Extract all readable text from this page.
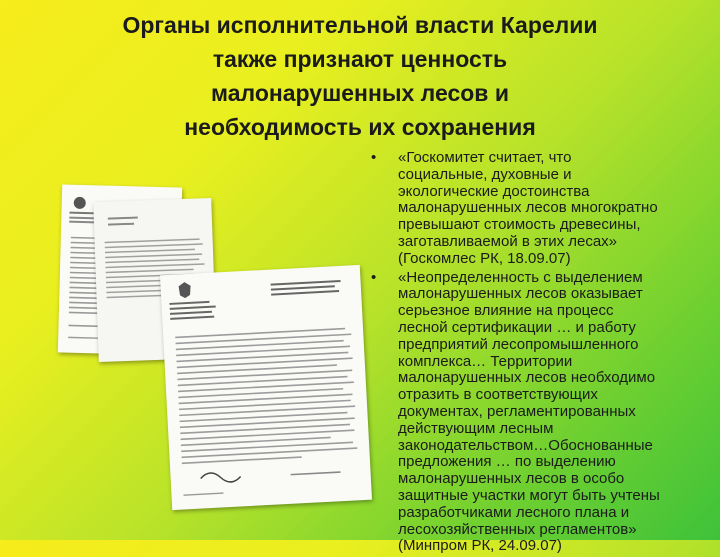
Органы исполнительной власти Карелии
также признают ценность
малонарушенных лесов и
необходимость их сохранения
• «Госкомитет считает, что
социальные, духовные и
экологические достоинства
малонарушенных лесов многократно
превышают стоимость древесины,
заготавливаемой в этих лесах»
(Госкомлес РК, 18.09.07)
• «Неопределенность с выделением
малонарушенных лесов оказывает
серьезное влияние на процесс
лесной сертификации … и работу
предприятий лесопромышленного
комплекса… Территории
малонарушенных лесов необходимо
отразить в соответствующих
документах, регламентированных
действующим лесным
законодательством…Обоснованные
предложения … по выделению
малонарушенных лесов в особо
защитные участки могут быть учтены
разработчиками лесного плана и
лесохозяйственных регламентов»
(Минпром РК, 24.09.07)
